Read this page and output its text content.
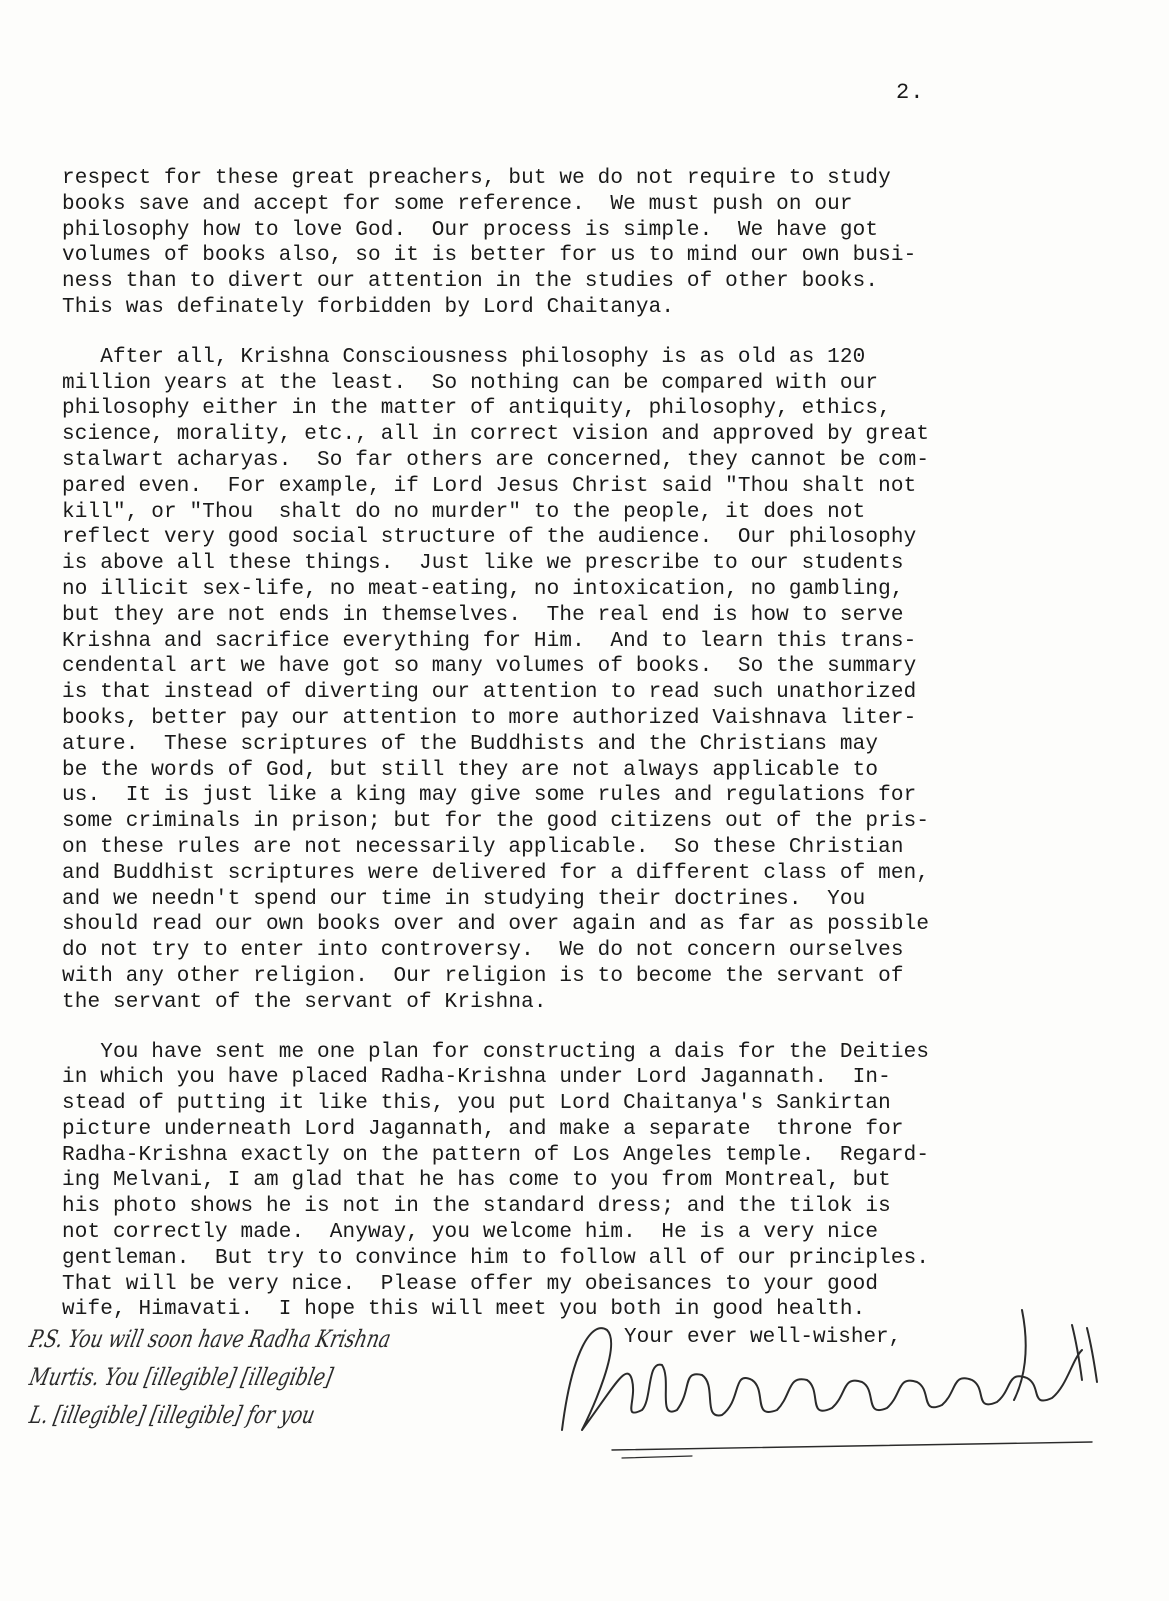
2.
respect for these great preachers, but we do not require to study
books save and accept for some reference.  We must push on our
philosophy how to love God.  Our process is simple.  We have got
volumes of books also, so it is better for us to mind our own busi-
ness than to divert our attention in the studies of other books.
This was definately forbidden by Lord Chaitanya.
After all, Krishna Consciousness philosophy is as old as 120
million years at the least.  So nothing can be compared with our
philosophy either in the matter of antiquity, philosophy, ethics,
science, morality, etc., all in correct vision and approved by great
stalwart acharyas.  So far others are concerned, they cannot be com-
pared even.  For example, if Lord Jesus Christ said "Thou shalt not
kill", or "Thou  shalt do no murder" to the people, it does not
reflect very good social structure of the audience.  Our philosophy
is above all these things.  Just like we prescribe to our students
no illicit sex-life, no meat-eating, no intoxication, no gambling,
but they are not ends in themselves.  The real end is how to serve
Krishna and sacrifice everything for Him.  And to learn this trans-
cendental art we have got so many volumes of books.  So the summary
is that instead of diverting our attention to read such unathorized
books, better pay our attention to more authorized Vaishnava liter-
ature.  These scriptures of the Buddhists and the Christians may
be the words of God, but still they are not always applicable to
us.  It is just like a king may give some rules and regulations for
some criminals in prison; but for the good citizens out of the pris-
on these rules are not necessarily applicable.  So these Christian
and Buddhist scriptures were delivered for a different class of men,
and we needn't spend our time in studying their doctrines.  You
should read our own books over and over again and as far as possible
do not try to enter into controversy.  We do not concern ourselves
with any other religion.  Our religion is to become the servant of
the servant of the servant of Krishna.
You have sent me one plan for constructing a dais for the Deities
in which you have placed Radha-Krishna under Lord Jagannath.  In-
stead of putting it like this, you put Lord Chaitanya's Sankirtan
picture underneath Lord Jagannath, and make a separate  throne for
Radha-Krishna exactly on the pattern of Los Angeles temple.  Regard-
ing Melvani, I am glad that he has come to you from Montreal, but
his photo shows he is not in the standard dress; and the tilok is
not correctly made.  Anyway, you welcome him.  He is a very nice
gentleman.  But try to convince him to follow all of our principles.
That will be very nice.  Please offer my obeisances to your good
wife, Himavati.  I hope this will meet you both in good health.
P.S. You will soon have Radha Krishna
Murtis. You [illegible] [illegible]
L. [illegible] [illegible] for you
Your ever well-wisher,
